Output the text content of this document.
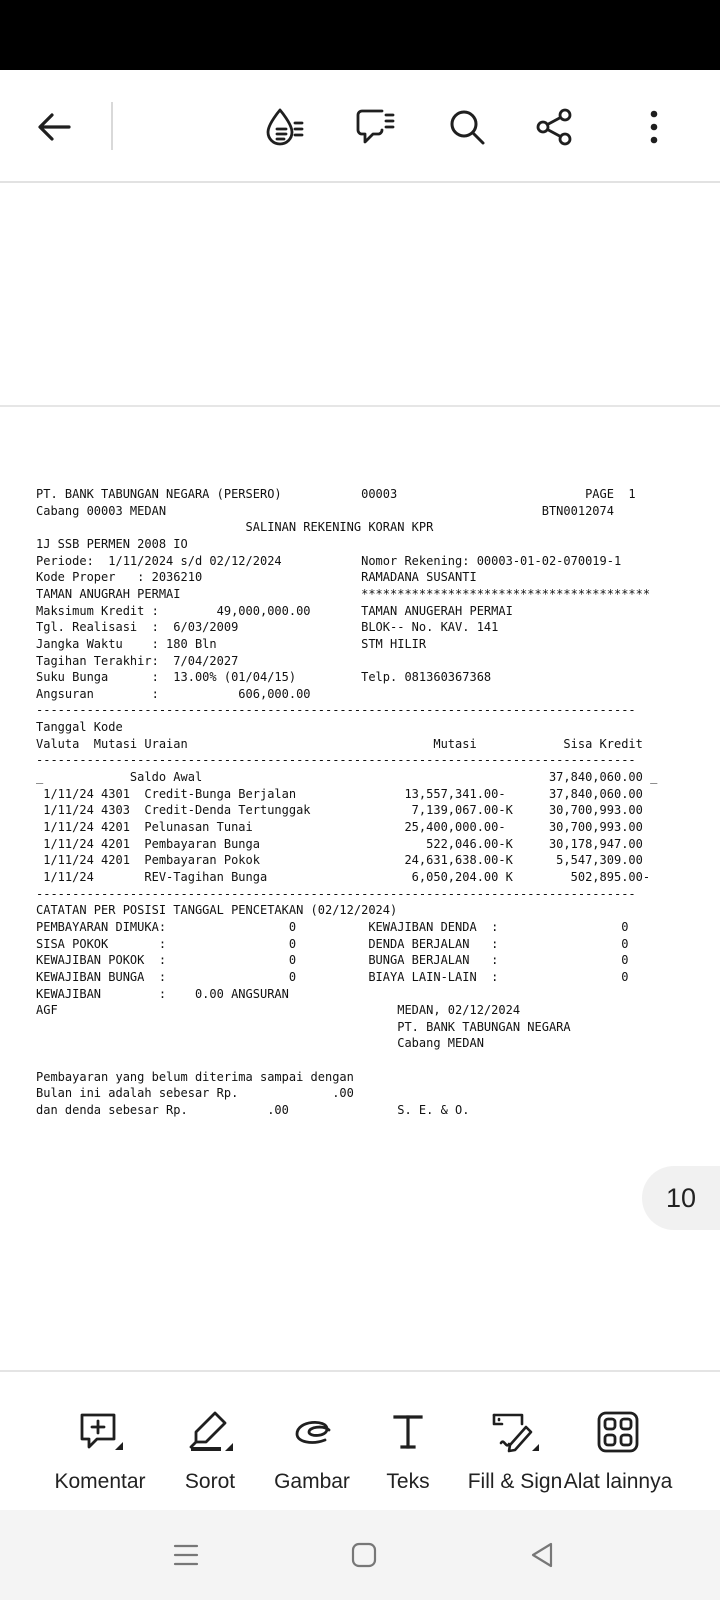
PT. BANK TABUNGAN NEGARA (PERSERO)           00003                          PAGE  1
Cabang 00003 MEDAN                                                    BTN0012074
SALINAN REKENING KORAN KPR
1J SSB PERMEN 2008 IO
Periode:  1/11/2024 s/d 02/12/2024           Nomor Rekening: 00003-01-02-070019-1
Kode Proper   : 2036210                      RAMADANA SUSANTI
TAMAN ANUGRAH PERMAI                         ****************************************
Maksimum Kredit :        49,000,000.00       TAMAN ANUGERAH PERMAI
Tgl. Realisasi  :  6/03/2009                 BLOK-- No. KAV. 141
Jangka Waktu    : 180 Bln                    STM HILIR
Tagihan Terakhir:  7/04/2027
Suku Bunga      :  13.00% (01/04/15)         Telp. 081360367368
Angsuran        :           606,000.00
-----------------------------------------------------------------------------------
Tanggal Kode
Valuta  Mutasi Uraian                                  Mutasi            Sisa Kredit
-----------------------------------------------------------------------------------
_            Saldo Awal                                                37,840,060.00 _
1/11/24 4301  Credit-Bunga Berjalan               13,557,341.00-      37,840,060.00
1/11/24 4303  Credit-Denda Tertunggak              7,139,067.00-K     30,700,993.00
1/11/24 4201  Pelunasan Tunai                     25,400,000.00-      30,700,993.00
1/11/24 4201  Pembayaran Bunga                       522,046.00-K     30,178,947.00
1/11/24 4201  Pembayaran Pokok                    24,631,638.00-K      5,547,309.00
1/11/24       REV-Tagihan Bunga                    6,050,204.00 K        502,895.00-
-----------------------------------------------------------------------------------
CATATAN PER POSISI TANGGAL PENCETAKAN (02/12/2024)
PEMBAYARAN DIMUKA:                 0          KEWAJIBAN DENDA  :                 0
SISA POKOK       :                 0          DENDA BERJALAN   :                 0
KEWAJIBAN POKOK  :                 0          BUNGA BERJALAN   :                 0
KEWAJIBAN BUNGA  :                 0          BIAYA LAIN-LAIN  :                 0
KEWAJIBAN        :    0.00 ANGSURAN
AGF                                               MEDAN, 02/12/2024
PT. BANK TABUNGAN NEGARA
Cabang MEDAN
Pembayaran yang belum diterima sampai dengan
Bulan ini adalah sebesar Rp.             .00
dan denda sebesar Rp.           .00               S. E. & O.
10
Komentar	Sorot	Gambar	Teks	Fill & Sign Alat lainnya
